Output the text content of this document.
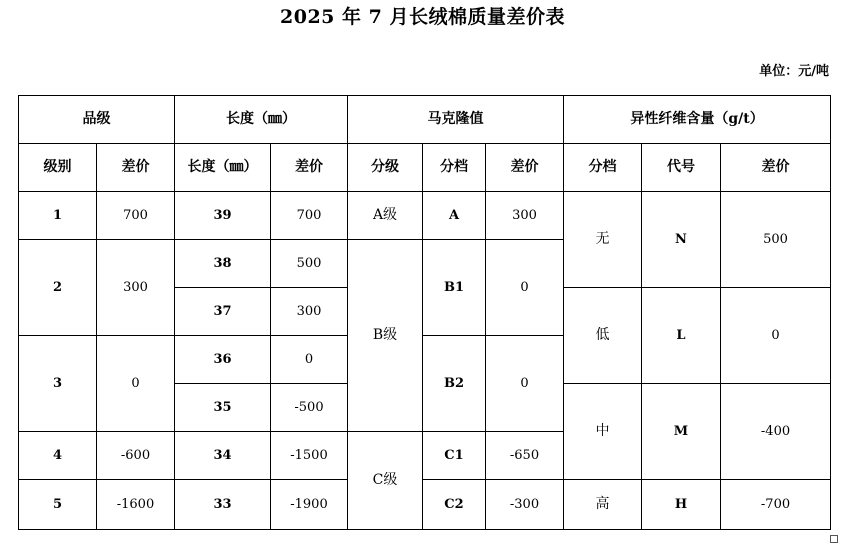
2025 年 7 月长绒棉质量差价表
单位：元/吨
品级		长度（㎜）		马克隆值			异性纤维含量（g/t）		
级别	差价	长度（㎜）	差价	分级	分档	差价	分档	代号	差价
1	700	39	700	A级	A	300	无	N	500
2	300	38	500	B级	B1	0			
		37	300				低	L	0
3	0	36	0		B2	0			
		35	-500				中	M	-400
4	-600	34	-1500	C级	C1	-650			
5	-1600	33	-1900		C2	-300	高	H	-700
